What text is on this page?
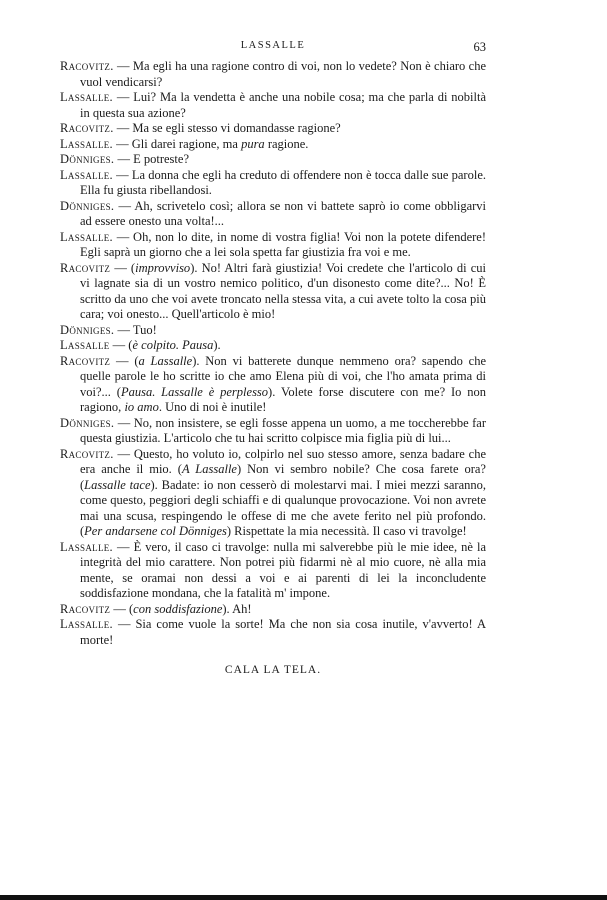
LASSALLE	63

Racovitz. — Ma egli ha una ragione contro di voi, non lo vedete? Non è chiaro che vuol vendicarsi?

Lassalle. — Lui? Ma la vendetta è anche una nobile cosa; ma che parla di nobiltà in questa sua azione?

Racovitz. — Ma se egli stesso vi domandasse ragione?

Lassalle. — Gli darei ragione, ma pura ragione.

Dönniges. — E potreste?

Lassalle. — La donna che egli ha creduto di offendere non è tocca dalle sue parole. Ella fu giusta ribellandosi.

Dönniges. — Ah, scrivetelo così; allora se non vi battete saprò io come obbligarvi ad essere onesto una volta!...

Lassalle. — Oh, non lo dite, in nome di vostra figlia! Voi non la potete difendere! Egli saprà un giorno che a lei sola spetta far giustizia fra voi e me.

Racovitz — (improvviso). No! Altri farà giustizia! Voi credete che l'articolo di cui vi lagnate sia di un vostro nemico politico, d'un disonesto come dite?... No! È scritto da uno che voi avete troncato nella stessa vita, a cui avete tolto la cosa più cara; voi onesto... Quell'articolo è mio!

Dönniges. — Tuo!

Lassalle — (è colpito. Pausa).

Racovitz — (a Lassalle). Non vi batterete dunque nemmeno ora? sapendo che quelle parole le ho scritte io che amo Elena più di voi, che l'ho amata prima di voi?... (Pausa. Lassalle è perplesso). Volete forse discutere con me? Io non ragiono, io amo. Uno di noi è inutile!

Dönniges. — No, non insistere, se egli fosse appena un uomo, a me toccherebbe far questa giustizia. L'articolo che tu hai scritto colpisce mia figlia più di lui...

Racovitz. — Questo, ho voluto io, colpirlo nel suo stesso amore, senza badare che era anche il mio. (A Lassalle) Non vi sembro nobile? Che cosa farete ora? (Lassalle tace). Badate: io non cesserò di molestarvi mai. I miei mezzi saranno, come questo, peggiori degli schiaffi e di qualunque provocazione. Voi non avrete mai una scusa, respingendo le offese di me che avete ferito nel più profondo. (Per andarsene col Dönniges) Rispettate la mia necessità. Il caso vi travolge!

Lassalle. — È vero, il caso ci travolge: nulla mi salverebbe più le mie idee, nè la integrità del mio carattere. Non potrei più fidarmi nè al mio cuore, nè alla mia mente, se oramai non dessi a voi e ai parenti di lei la inconcludente soddisfazione mondana, che la fatalità m' impone.

Racovitz — (con soddisfazione). Ah!

Lassalle. — Sia come vuole la sorte! Ma che non sia cosa inutile, v'avverto! A morte!

CALA LA TELA.
